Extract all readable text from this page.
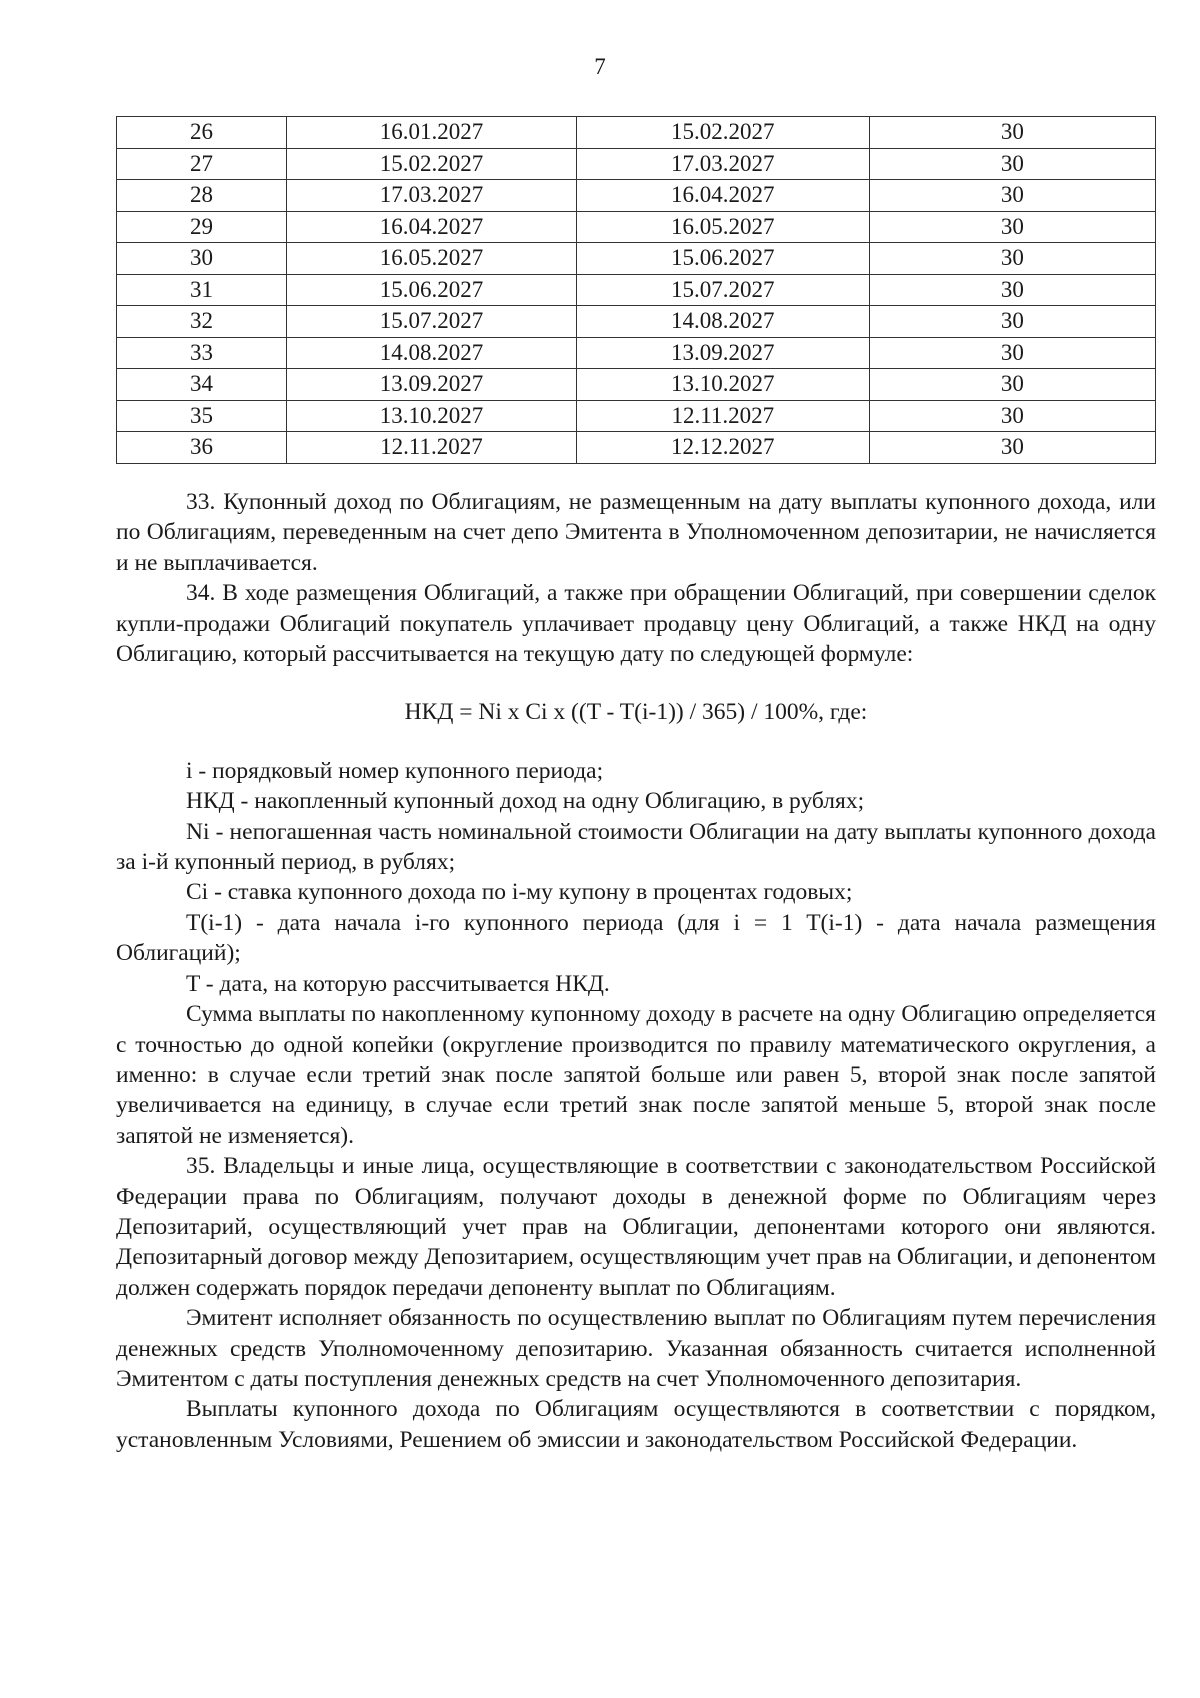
7
26	16.01.2027	15.02.2027	30
27	15.02.2027	17.03.2027	30
28	17.03.2027	16.04.2027	30
29	16.04.2027	16.05.2027	30
30	16.05.2027	15.06.2027	30
31	15.06.2027	15.07.2027	30
32	15.07.2027	14.08.2027	30
33	14.08.2027	13.09.2027	30
34	13.09.2027	13.10.2027	30
35	13.10.2027	12.11.2027	30
36	12.11.2027	12.12.2027	30

33. Купонный доход по Облигациям, не размещенным на дату выплаты купонного дохода, или по Облигациям, переведенным на счет депо Эмитента в Уполномоченном депозитарии, не начисляется и не выплачивается.

34. В ходе размещения Облигаций, а также при обращении Облигаций, при совершении сделок купли-продажи Облигаций покупатель уплачивает продавцу цену Облигаций, а также НКД на одну Облигацию, который рассчитывается на текущую дату по следующей формуле:

НКД = Ni x Ci x ((T - T(i-1)) / 365) / 100%, где:

i - порядковый номер купонного периода;

НКД - накопленный купонный доход на одну Облигацию, в рублях;

Ni - непогашенная часть номинальной стоимости Облигации на дату выплаты купонного дохода за i-й купонный период, в рублях;

Ci - ставка купонного дохода по i-му купону в процентах годовых;

T(i-1) - дата начала i-го купонного периода (для i = 1 T(i-1) - дата начала размещения Облигаций);

T - дата, на которую рассчитывается НКД.

Сумма выплаты по накопленному купонному доходу в расчете на одну Облигацию определяется с точностью до одной копейки (округление производится по правилу математического округления, а именно: в случае если третий знак после запятой больше или равен 5, второй знак после запятой увеличивается на единицу, в случае если третий знак после запятой меньше 5, второй знак после запятой не изменяется).

35. Владельцы и иные лица, осуществляющие в соответствии с законодательством Российской Федерации права по Облигациям, получают доходы в денежной форме по Облигациям через Депозитарий, осуществляющий учет прав на Облигации, депонентами которого они являются. Депозитарный договор между Депозитарием, осуществляющим учет прав на Облигации, и депонентом должен содержать порядок передачи депоненту выплат по Облигациям.

Эмитент исполняет обязанность по осуществлению выплат по Облигациям путем перечисления денежных средств Уполномоченному депозитарию. Указанная обязанность считается исполненной Эмитентом с даты поступления денежных средств на счет Уполномоченного депозитария.

Выплаты купонного дохода по Облигациям осуществляются в соответствии с порядком, установленным Условиями, Решением об эмиссии и законодательством Российской Федерации.
